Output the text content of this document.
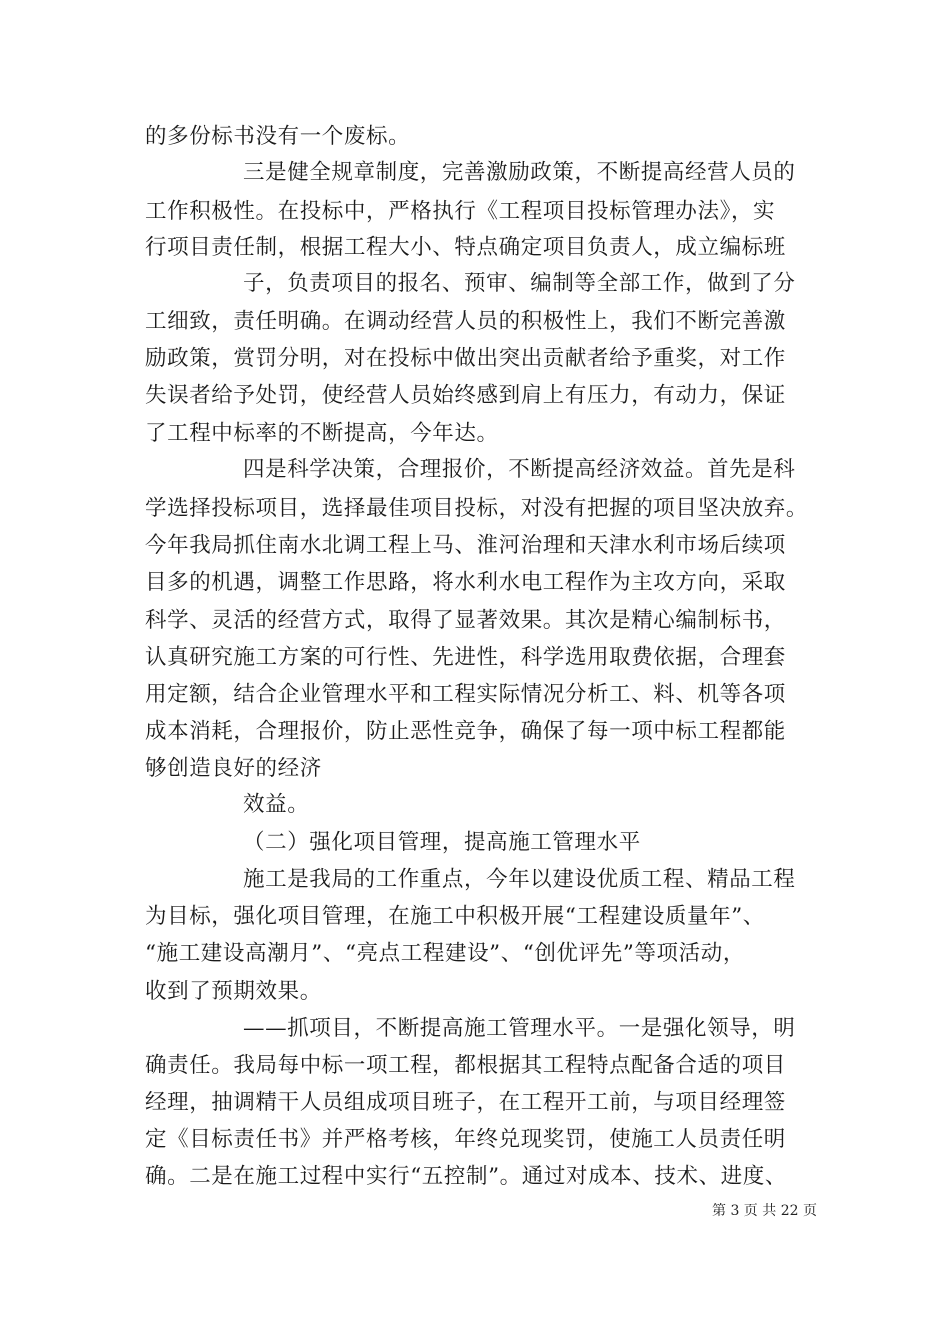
的多份标书没有一个废标。
三是健全规章制度，完善激励政策，不断提高经营人员的
工作积极性。在投标中，严格执行《工程项目投标管理办法》，实
行项目责任制，根据工程大小、特点确定项目负责人，成立编标班
子，负责项目的报名、预审、编制等全部工作，做到了分
工细致，责任明确。在调动经营人员的积极性上，我们不断完善激
励政策，赏罚分明，对在投标中做出突出贡献者给予重奖，对工作
失误者给予处罚，使经营人员始终感到肩上有压力，有动力，保证
了工程中标率的不断提高，今年达。
四是科学决策，合理报价，不断提高经济效益。首先是科
学选择投标项目，选择最佳项目投标，对没有把握的项目坚决放弃。
今年我局抓住南水北调工程上马、淮河治理和天津水利市场后续项
目多的机遇，调整工作思路，将水利水电工程作为主攻方向，采取
科学、灵活的经营方式，取得了显著效果。其次是精心编制标书，
认真研究施工方案的可行性、先进性，科学选用取费依据，合理套
用定额，结合企业管理水平和工程实际情况分析工、料、机等各项
成本消耗，合理报价，防止恶性竞争，确保了每一项中标工程都能
够创造良好的经济
效益。
（二）强化项目管理，提高施工管理水平
施工是我局的工作重点，今年以建设优质工程、精品工程
为目标，强化项目管理，在施工中积极开展“工程建设质量年”、
“施工建设高潮月”、“亮点工程建设”、“创优评先”等项活动，
收到了预期效果。
——抓项目，不断提高施工管理水平。一是强化领导，明
确责任。我局每中标一项工程，都根据其工程特点配备合适的项目
经理，抽调精干人员组成项目班子，在工程开工前，与项目经理签
定《目标责任书》并严格考核，年终兑现奖罚，使施工人员责任明
确。二是在施工过程中实行“五控制”。通过对成本、技术、进度、
第 3 页 共 22 页
